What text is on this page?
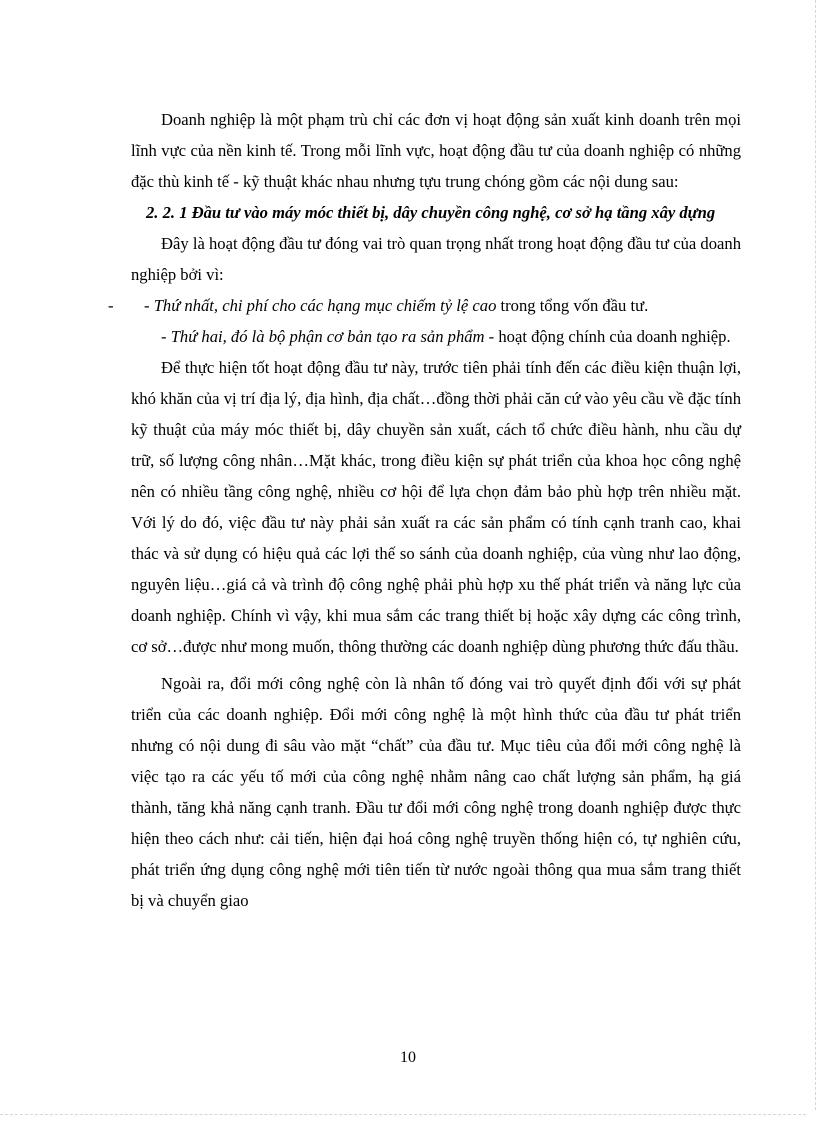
Doanh nghiệp là một phạm trù chỉ các đơn vị hoạt động sản xuất kinh doanh trên mọi lĩnh vực của nền kinh tế. Trong mỗi lĩnh vực, hoạt động đầu tư của doanh nghiệp có những đặc thù kinh tế - kỹ thuật khác nhau nhưng tựu trung chóng gồm các nội dung sau:

2. 2. 1 Đầu tư vào máy móc thiết bị, dây chuyền công nghệ, cơ sở hạ tầng xây dựng

Đây là hoạt động đầu tư đóng vai trò quan trọng nhất trong hoạt động đầu tư của doanh nghiệp bởi vì:

- - Thứ nhất, chi phí cho các hạng mục chiếm tỷ lệ cao trong tổng vốn đầu tư.

- Thứ hai, đó là bộ phận cơ bản tạo ra sản phẩm - hoạt động chính của doanh nghiệp.

Để thực hiện tốt hoạt động đầu tư này, trước tiên phải tính đến các điều kiện thuận lợi, khó khăn của vị trí địa lý, địa hình, địa chất…đồng thời phải căn cứ vào yêu cầu về đặc tính kỹ thuật của máy móc thiết bị, dây chuyền sản xuất, cách tổ chức điều hành, nhu cầu dự trữ, số lượng công nhân…Mặt khác, trong điều kiện sự phát triển của khoa học công nghệ nên có nhiều tầng công nghệ, nhiều cơ hội để lựa chọn đảm bảo phù hợp trên nhiều mặt. Với lý do đó, việc đầu tư này phải sản xuất ra các sản phẩm có tính cạnh tranh cao, khai thác và sử dụng có hiệu quả các lợi thế so sánh của doanh nghiệp, của vùng như lao động, nguyên liệu…giá cả và trình độ công nghệ phải phù hợp xu thế phát triển và năng lực của doanh nghiệp. Chính vì vậy, khi mua sắm các trang thiết bị hoặc xây dựng các công trình, cơ sở…được như mong muốn, thông thường các doanh nghiệp dùng phương thức đấu thầu.

Ngoài ra, đổi mới công nghệ còn là nhân tố đóng vai trò quyết định đối với sự phát triển của các doanh nghiệp. Đổi mới công nghệ là một hình thức của đầu tư phát triển nhưng có nội dung đi sâu vào mặt “chất” của đầu tư. Mục tiêu của đổi mới công nghệ là việc tạo ra các yếu tố mới của công nghệ nhằm nâng cao chất lượng sản phẩm, hạ giá thành, tăng khả năng cạnh tranh. Đầu tư đổi mới công nghệ trong doanh nghiệp được thực hiện theo cách như: cải tiến, hiện đại hoá công nghệ truyền thống hiện có, tự nghiên cứu, phát triển ứng dụng công nghệ mới tiên tiến từ nước ngoài thông qua mua sắm trang thiết bị và chuyển giao

10
